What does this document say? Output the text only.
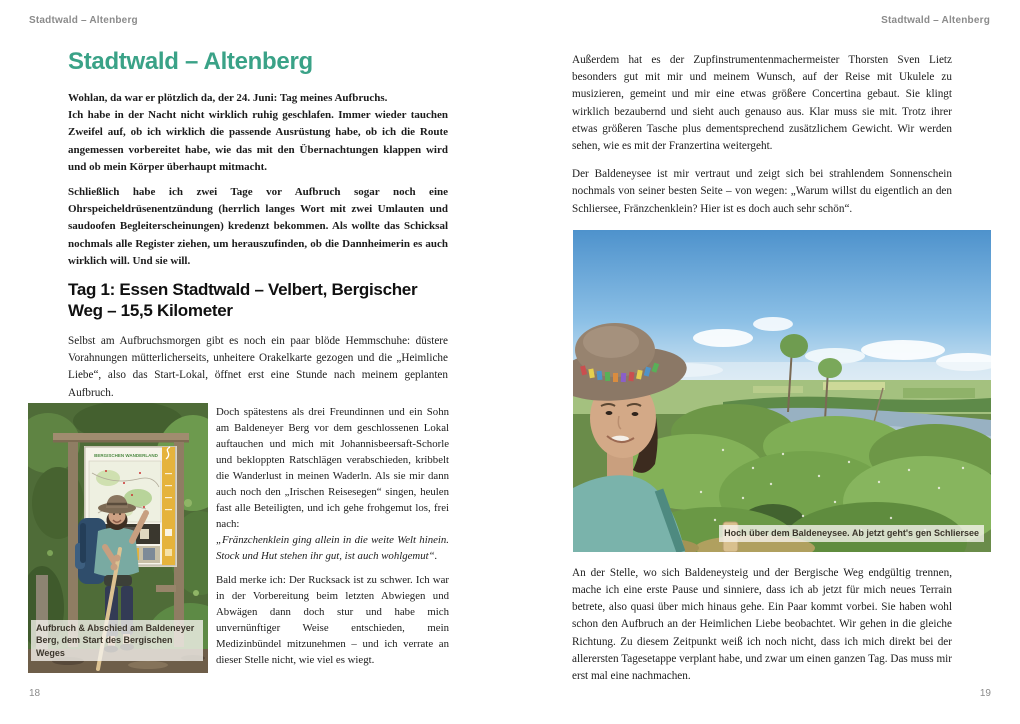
Stadtwald – Altenberg	Stadtwald – Altenberg
Stadtwald – Altenberg

Wohlan, da war er plötzlich da, der 24. Juni: Tag meines Aufbruchs.

Ich habe in der Nacht nicht wirklich ruhig geschlafen. Immer wieder tauchen Zweifel auf, ob ich wirklich die passende Ausrüstung habe, ob ich die Route angemessen vorbereitet habe, wie das mit den Übernachtungen klappen wird und ob mein Körper überhaupt mitmacht.

Schließlich habe ich zwei Tage vor Aufbruch sogar noch eine Ohrspeicheldrüsenentzündung (herrlich langes Wort mit zwei Umlauten und saudoofen Begleiterscheinungen) kredenzt bekommen. Als wollte das Schicksal nochmals alle Register ziehen, um herauszufinden, ob die Dannheimerin es auch wirklich will. Und sie will.

Tag 1: Essen Stadtwald – Velbert, Bergischer Weg – 15,5 Kilometer

Selbst am Aufbruchsmorgen gibt es noch ein paar blöde Hemmschuhe: düstere Vorahnungen mütterlicherseits, unheitere Orakelkarte gezogen und die „Heimliche Liebe“, also das Start-Lokal, öffnet erst eine Stunde nach meinem geplanten Aufbruch.

BERGISCHEN WANDERLAND
Aufbruch & Abschied am Baldeneyer Berg, dem Start des Bergischen Weges

Doch spätestens als drei Freundinnen und ein Sohn am Baldeneyer Berg vor dem geschlossenen Lokal auftauchen und mich mit Johannisbeersaft-Schorle und bekloppten Ratschlägen verabschieden, kribbelt die Wanderlust in meinen Waderln. Als sie mir dann auch noch den „Irischen Reisesegen“ singen, heulen fast alle Beteiligten, und ich gehe frohgemut los, frei nach:

„Fränzchenklein ging allein in die weite Welt hinein. Stock und Hut stehen ihr gut, ist auch wohlgemut“.

Bald merke ich: Der Rucksack ist zu schwer. Ich war in der Vorbereitung beim letzten Abwiegen und Abwägen dann doch stur und habe mich unvernünftiger Weise entschieden, mein Medizinbündel mitzunehmen – und ich verrate an dieser Stelle nicht, wie viel es wiegt.

Außerdem hat es der Zupfinstrumentenmachermeister Thorsten Sven Lietz besonders gut mit mir und meinem Wunsch, auf der Reise mit Ukulele zu musizieren, gemeint und mir eine etwas größere Concertina gebaut. Sie klingt wirklich bezaubernd und sieht auch genauso aus. Klar muss sie mit. Trotz ihrer etwas größeren Tasche plus dementsprechend zusätzlichem Gewicht. Wir werden sehen, wie es mit der Franzertina weitergeht.

Der Baldeneysee ist mir vertraut und zeigt sich bei strahlendem Sonnenschein nochmals von seiner besten Seite – von wegen: „Warum willst du eigentlich an den Schliersee, Fränzchenklein? Hier ist es doch auch sehr schön“.

Hoch über dem Baldeneysee. Ab jetzt geht's gen Schliersee

An der Stelle, wo sich Baldeneysteig und der Bergische Weg endgültig trennen, mache ich eine erste Pause und sinniere, dass ich ab jetzt für mich neues Terrain betrete, also quasi über mich hinaus gehe. Ein Paar kommt vorbei. Sie haben wohl schon den Aufbruch an der Heimlichen Liebe beobachtet. Wir gehen in die gleiche Richtung. Zu diesem Zeitpunkt weiß ich noch nicht, dass ich mich direkt bei der allerersten Tagesetappe verplant habe, und zwar um einen ganzen Tag. Das muss mir erst mal eine nachmachen.

18	19
